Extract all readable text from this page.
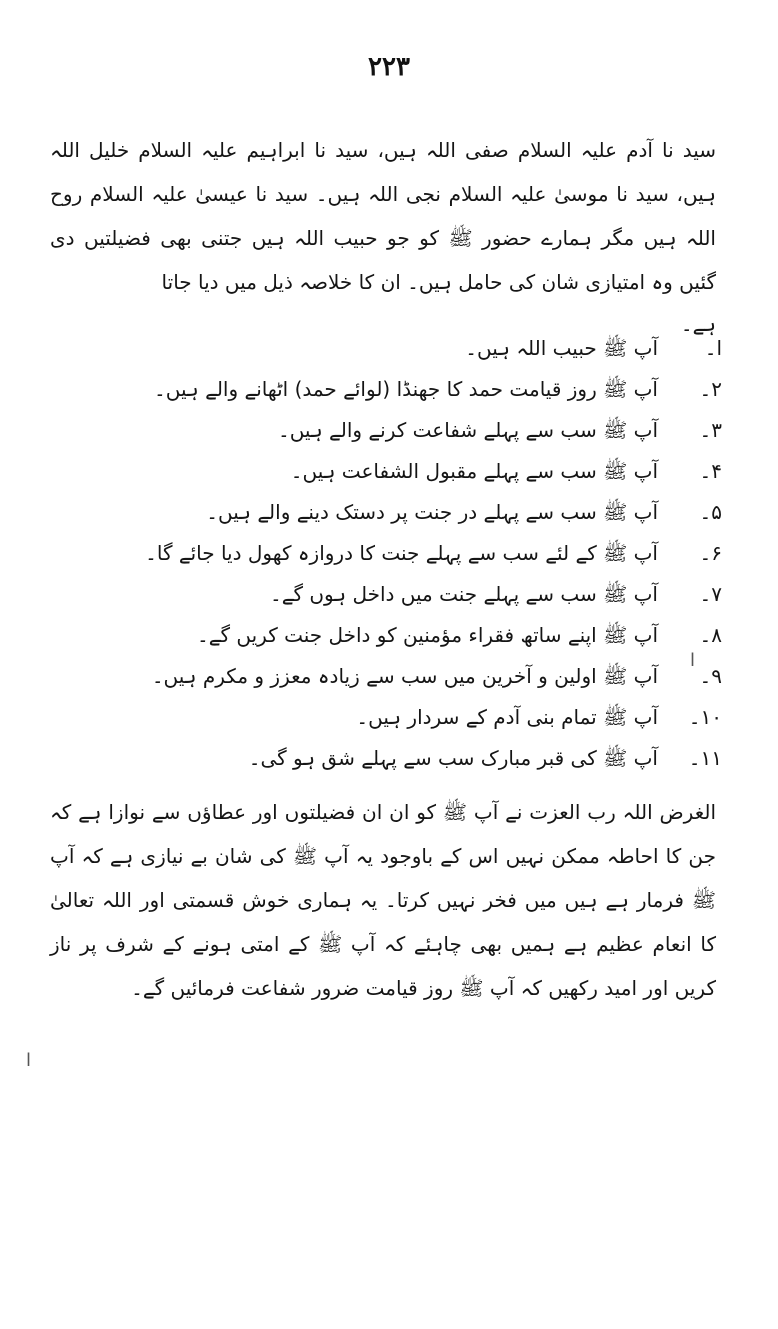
۲۲۳

سید نا آدم علیہ السلام صفی اللہ ہیں، سید نا ابراہیم علیہ السلام خلیل اللہ ہیں، سید نا موسیٰ علیہ السلام نجی اللہ ہیں۔ سید نا عیسیٰ علیہ السلام روح اللہ ہیں مگر ہمارے حضور ﷺ کو جو حبیب اللہ ہیں جتنی بھی فضیلتیں دی گئیں وہ امتیازی شان کی حامل ہیں۔ ان کا خلاصہ ذیل میں دیا جاتا

ہے۔
ا۔
آپ ﷺ حبیب اللہ ہیں۔
۲۔
آپ ﷺ روز قیامت حمد کا جھنڈا (لوائے حمد) اٹھانے والے ہیں۔
۳۔
آپ ﷺ سب سے پہلے شفاعت کرنے والے ہیں۔
۴۔
آپ ﷺ سب سے پہلے مقبول الشفاعت ہیں۔
۵۔
آپ ﷺ سب سے پہلے در جنت پر دستک دینے والے ہیں۔
۶۔
آپ ﷺ کے لئے سب سے پہلے جنت کا دروازہ کھول دیا جائے گا۔
۷۔
آپ ﷺ سب سے پہلے جنت میں داخل ہوں گے۔
۸۔
آپ ﷺ اپنے ساتھ فقراء مؤمنین کو داخل جنت کریں گے۔
۹۔
آپ ﷺ اولین و آخرین میں سب سے زیادہ معزز و مکرم ہیں۔
۱۰۔
آپ ﷺ تمام بنی آدم کے سردار ہیں۔
۱۱۔
آپ ﷺ کی قبر مبارک سب سے پہلے شق ہو گی۔

الغرض اللہ رب العزت نے آپ ﷺ کو ان ان فضیلتوں اور عطاؤں سے نوازا ہے کہ جن کا احاطہ ممکن نہیں اس کے باوجود یہ آپ ﷺ کی شان بے نیازی ہے کہ آپ ﷺ فرمار ہے ہیں میں فخر نہیں کرتا۔ یہ ہماری خوش قسمتی اور اللہ تعالیٰ کا انعام عظیم ہے ہمیں بھی چاہئے کہ آپ ﷺ کے امتی ہونے کے شرف پر ناز کریں اور امید رکھیں کہ آپ ﷺ روز قیامت ضرور شفاعت فرمائیں گے۔

ا
ا
